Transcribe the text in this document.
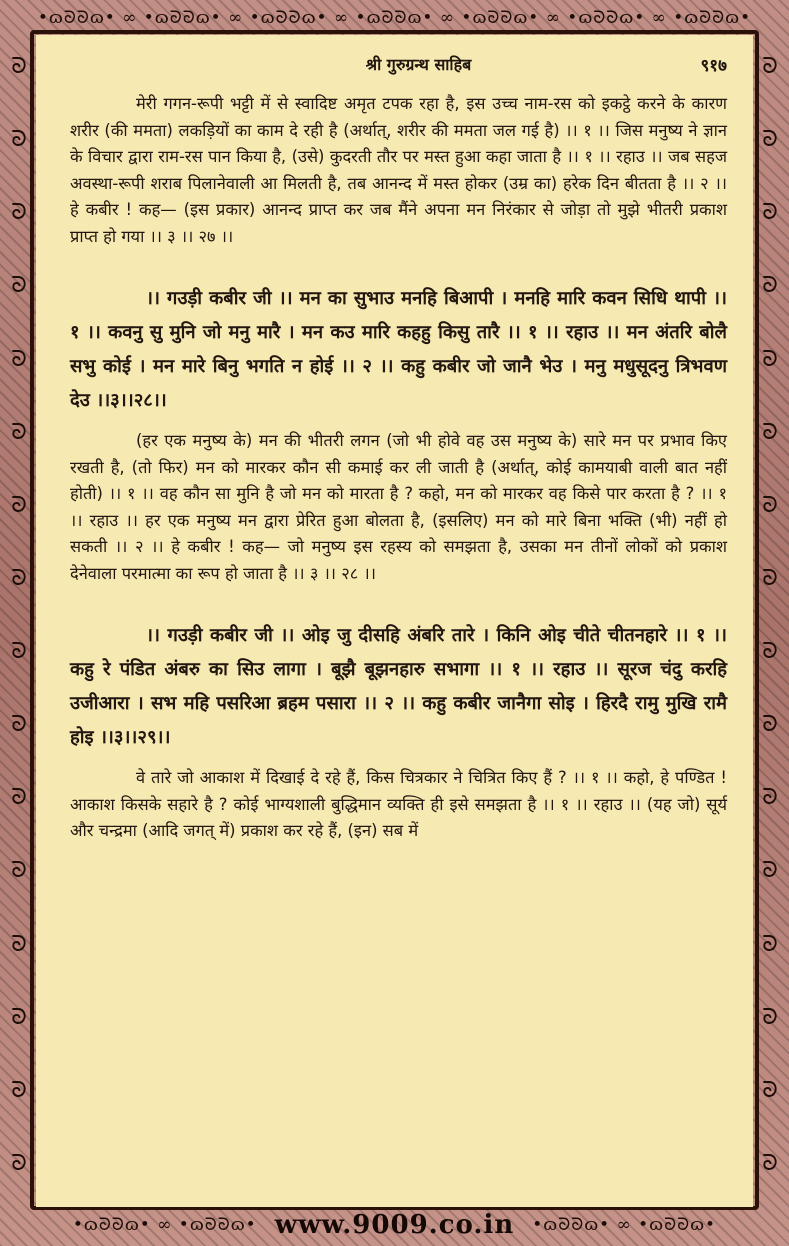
•ɷᘐᘐɷ• ∞ •ɷᘐᘐɷ• ∞ •ɷᘐᘐɷ• ∞ •ɷᘐᘐɷ• ∞ •ɷᘐᘐɷ• ∞ •ɷᘐᘐɷ• ∞ •ɷᘐᘐɷ•
ᘐ
ᘐ
ᘐ
ᘐ
ᘐ
ᘐ
ᘐ
ᘐ
ᘐ
ᘐ
ᘐ
ᘐ
ᘐ
ᘐ
ᘐ
ᘐ
ᘐ
ᘐ
ᘐ
ᘐ
ᘐ
ᘐ
ᘐ
ᘐ
ᘐ
ᘐ
ᘐ
ᘐ
ᘐ
ᘐ
ᘐ
ᘐ
श्री गुरुग्रन्थ साहिब	९१७

मेरी गगन-रूपी भट्टी में से स्वादिष्ट अमृत टपक रहा है, इस उच्च नाम-रस को इकट्ठे करने के कारण शरीर (की ममता) लकड़ियों का काम दे रही है (अर्थात्, शरीर की ममता जल गई है) ।। १ ।। जिस मनुष्य ने ज्ञान के विचार द्वारा राम-रस पान किया है, (उसे) कुदरती तौर पर मस्त हुआ कहा जाता है ।। १ ।। रहाउ ।। जब सहज अवस्था-रूपी शराब पिलानेवाली आ मिलती है, तब आनन्द में मस्त होकर (उम्र का) हरेक दिन बीतता है ।। २ ।। हे कबीर ! कह— (इस प्रकार) आनन्द प्राप्त कर जब मैंने अपना मन निरंकार से जोड़ा तो मुझे भीतरी प्रकाश प्राप्त हो गया ।। ३ ।। २७ ।।

।। गउड़ी कबीर जी ।। मन का सुभाउ मनहि बिआपी । मनहि मारि कवन सिधि थापी ।। १ ।। कवनु सु मुनि जो मनु मारै । मन कउ मारि कहहु किसु तारै ।। १ ।। रहाउ ।। मन अंतरि बोलै सभु कोई । मन मारे बिनु भगति न होई ।। २ ।। कहु कबीर जो जानै भेउ । मनु मधुसूदनु त्रिभवण देउ ।।३।।२८।।

(हर एक मनुष्य के) मन की भीतरी लगन (जो भी होवे वह उस मनुष्य के) सारे मन पर प्रभाव किए रखती है, (तो फिर) मन को मारकर कौन सी कमाई कर ली जाती है (अर्थात्, कोई कामयाबी वाली बात नहीं होती) ।। १ ।। वह कौन सा मुनि है जो मन को मारता है ? कहो, मन को मारकर वह किसे पार करता है ? ।। १ ।। रहाउ ।। हर एक मनुष्य मन द्वारा प्रेरित हुआ बोलता है, (इसलिए) मन को मारे बिना भक्ति (भी) नहीं हो सकती ।। २ ।। हे कबीर ! कह— जो मनुष्य इस रहस्य को समझता है, उसका मन तीनों लोकों को प्रकाश देनेवाला परमात्मा का रूप हो जाता है ।। ३ ।। २८ ।।

।। गउड़ी कबीर जी ।। ओइ जु दीसहि अंबरि तारे । किनि ओइ चीते चीतनहारे ।। १ ।। कहु रे पंडित अंबरु का सिउ लागा । बूझै बूझनहारु सभागा ।। १ ।। रहाउ ।। सूरज चंदु करहि उजीआरा । सभ महि पसरिआ ब्रहम पसारा ।। २ ।। कहु कबीर जानैगा सोइ । हिरदै रामु मुखि रामै होइ ।।३।।२९।।

वे तारे जो आकाश में दिखाई दे रहे हैं, किस चित्रकार ने चित्रित किए हैं ? ।। १ ।। कहो, हे पण्डित ! आकाश किसके सहारे है ? कोई भाग्यशाली बुद्धिमान व्यक्ति ही इसे समझता है ।। १ ।। रहाउ ।। (यह जो) सूर्य और चन्द्रमा (आदि जगत् में) प्रकाश कर रहे हैं, (इन) सब में

•ɷᘐᘐɷ• ∞ •ɷᘐᘐɷ• www.9009.co.in	•ɷᘐᘐɷ• ∞ •ɷᘐᘐɷ•
